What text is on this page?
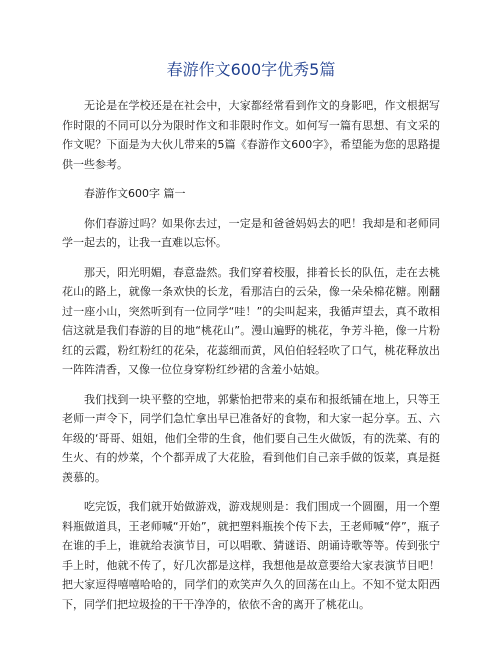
春游作文600字优秀5篇

无论是在学校还是在社会中，大家都经常看到作文的身影吧，作文根据写作时限的不同可以分为限时作文和非限时作文。如何写一篇有思想、有文采的作文呢？下面是为大伙儿带来的5篇《春游作文600字》，希望能为您的思路提供一些参考。

春游作文600字 篇一

你们春游过吗？如果你去过，一定是和爸爸妈妈去的吧！我却是和老师同学一起去的，让我一直难以忘怀。

那天，阳光明媚，春意盎然。我们穿着校服，排着长长的队伍，走在去桃花山的路上，就像一条欢快的长龙，看那洁白的云朵，像一朵朵棉花糖。刚翻过一座小山，突然听到有一位同学“哇！”的尖叫起来，我循声望去，真不敢相信这就是我们春游的目的地“桃花山”。漫山遍野的桃花，争芳斗艳，像一片粉红的云霞，粉红粉红的花朵，花蕊细而黄，风伯伯轻轻吹了口气，桃花释放出一阵阵清香，又像一位位身穿粉红纱裙的含羞小姑娘。

我们找到一块平整的空地，郭紫怡把带来的桌布和报纸铺在地上，只等王老师一声令下，同学们急忙拿出早已准备好的食物，和大家一起分享。五、六年级的‘哥哥、姐姐，他们全带的生食，他们要自己生火做饭，有的洗菜、有的生火、有的炒菜，个个都弄成了大花脸，看到他们自己亲手做的饭菜，真是挺羡慕的。

吃完饭，我们就开始做游戏，游戏规则是：我们围成一个圆圈，用一个塑料瓶做道具，王老师喊“开始”，就把塑料瓶挨个传下去，王老师喊“停”，瓶子在谁的手上，谁就给表演节目，可以唱歌、猜谜语、朗诵诗歌等等。传到张宁手上时，他就不传了，好几次都是这样，我想他是故意要给大家表演节目吧！把大家逗得嘻嘻哈哈的，同学们的欢笑声久久的回荡在山上。不知不觉太阳西下，同学们把垃圾捡的干干净净的，依依不舍的离开了桃花山。
